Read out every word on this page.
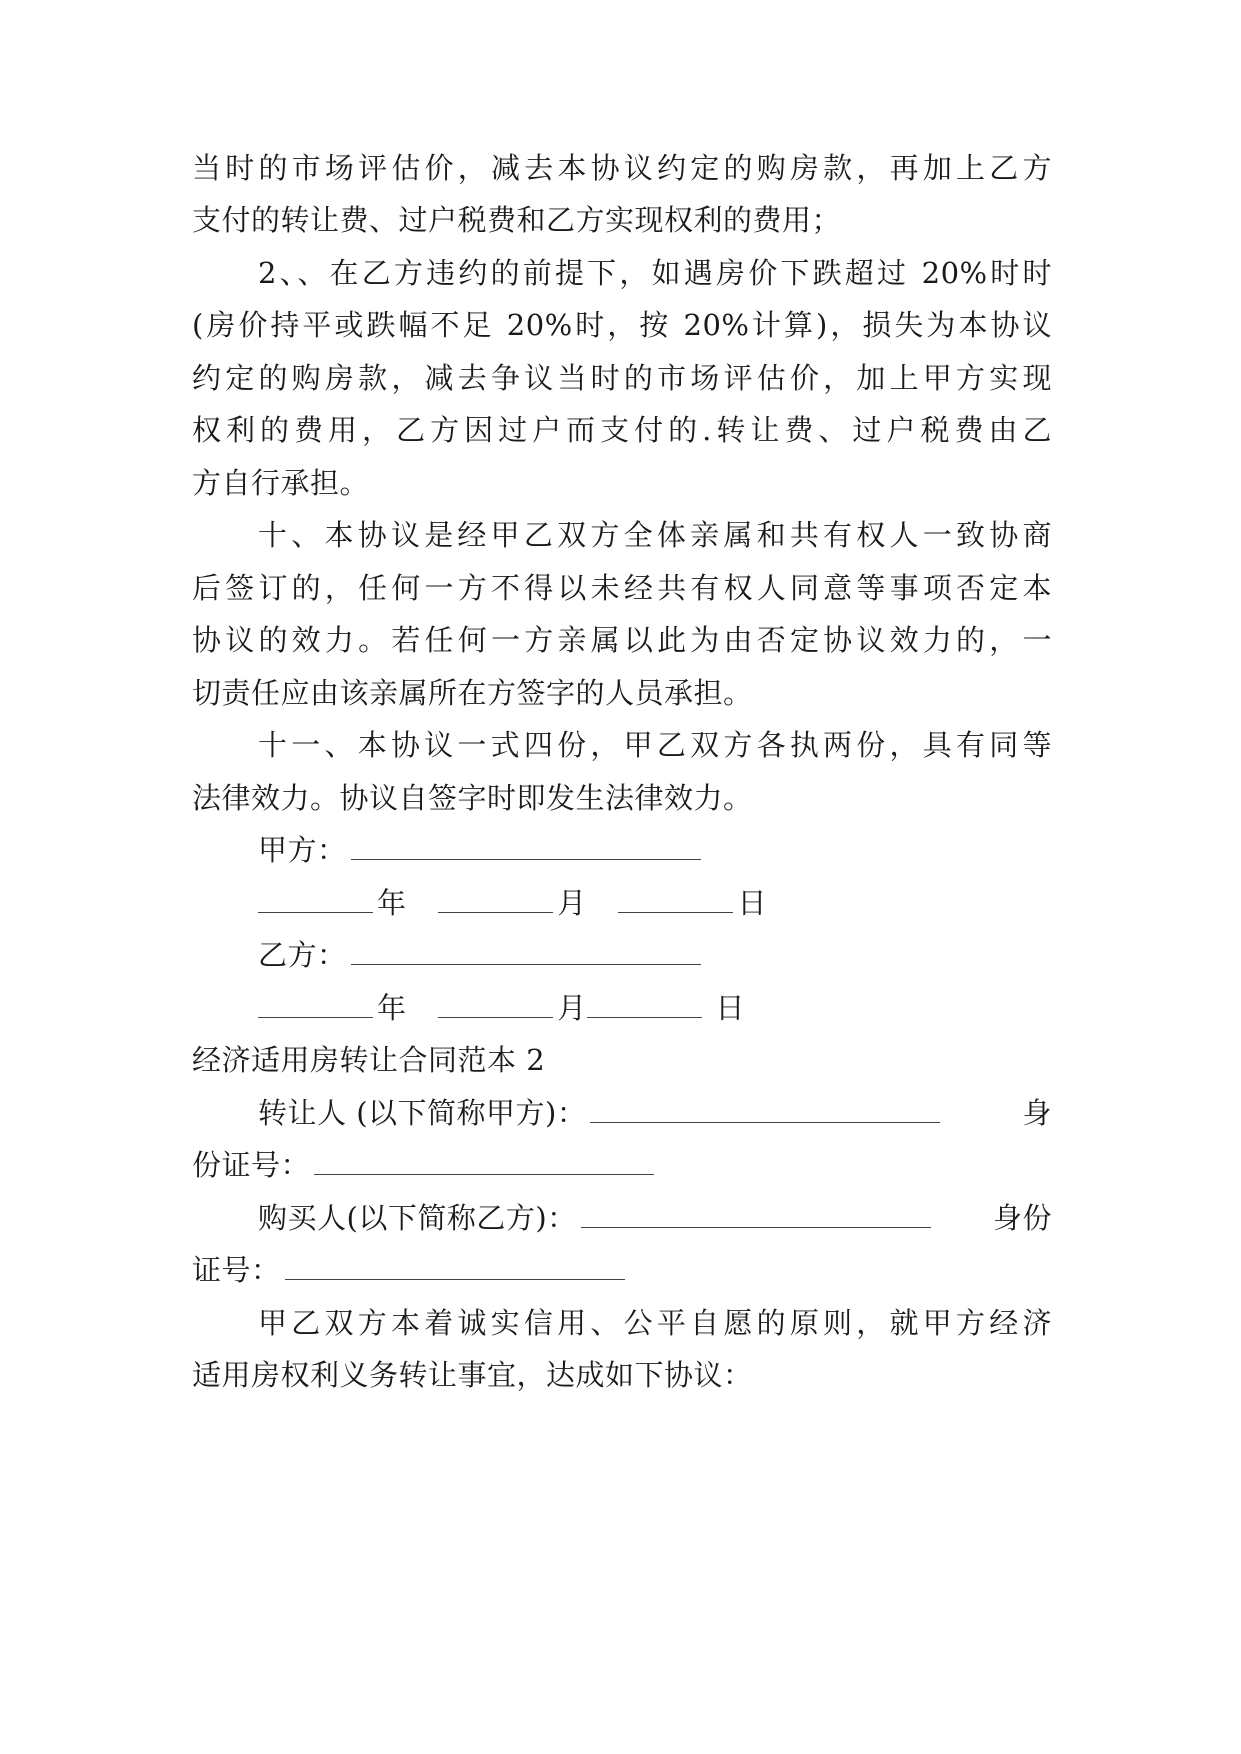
当时的市场评估价，减去本协议约定的购房款，再加上乙方
支付的转让费、过户税费和乙方实现权利的费用；
2、、在乙方违约的前提下，如遇房价下跌超过 20%时时
(房价持平或跌幅不足 20%时，按 20%计算)，损失为本协议
约定的购房款，减去争议当时的市场评估价，加上甲方实现
权利的费用，乙方因过户而支付的.转让费、过户税费由乙
方自行承担。
十、本协议是经甲乙双方全体亲属和共有权人一致协商
后签订的，任何一方不得以未经共有权人同意等事项否定本
协议的效力。若任何一方亲属以此为由否定协议效力的，一
切责任应由该亲属所在方签字的人员承担。
十一、本协议一式四份，甲乙双方各执两份，具有同等
法律效力。协议自签字时即发生法律效力。
甲方：
年	月	日
乙方：
年	月	日
经济适用房转让合同范本 2
转让人 (以下简称甲方)：	身
份证号：
购买人(以下简称乙方)：	身份
证号：
甲乙双方本着诚实信用、公平自愿的原则，就甲方经济
适用房权利义务转让事宜，达成如下协议：
